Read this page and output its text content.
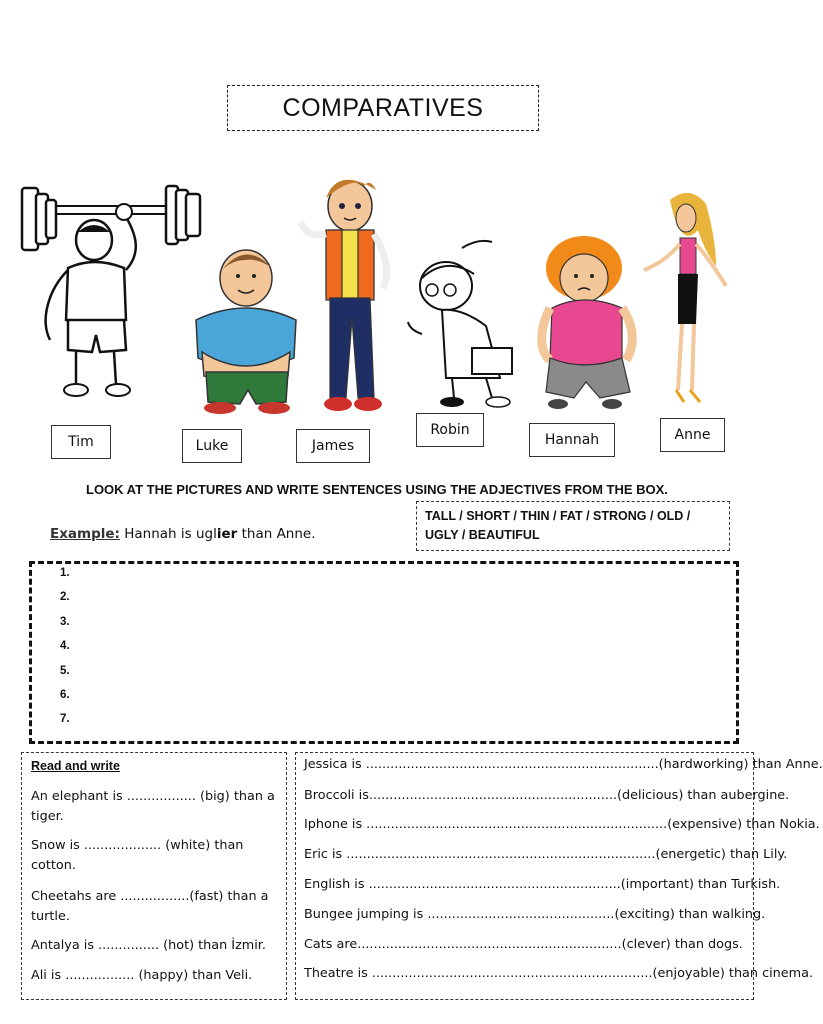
COMPARATIVES
Tim	Luke	James
Robin
Hannah	Anne
LOOK AT THE PICTURES AND WRITE SENTENCES USING THE ADJECTIVES FROM THE BOX.
Example: Hannah is uglier than Anne.
TALL / SHORT / THIN / FAT / STRONG / OLD /
UGLY / BEAUTIFUL
1.
2.
3.
4.
5.
6.
7.
Read and write
An elephant is ................. (big) than a tiger.
Snow is ................... (white) than cotton.
Cheetahs are .................(fast) than a turtle.
Antalya is ............... (hot) than İzmir.
Ali is ................. (happy) than Veli.
Jessica is ........................................................................(hardworking) than Anne.
Broccoli is.............................................................(delicious) than aubergine.
Iphone is ..........................................................................(expensive) than Nokia.
Eric is ............................................................................(energetic) than Lily.
English is ..............................................................(important) than Turkish.
Bungee jumping is ..............................................(exciting) than walking.
Cats are.................................................................(clever) than dogs.
Theatre is .....................................................................(enjoyable) than cinema.
